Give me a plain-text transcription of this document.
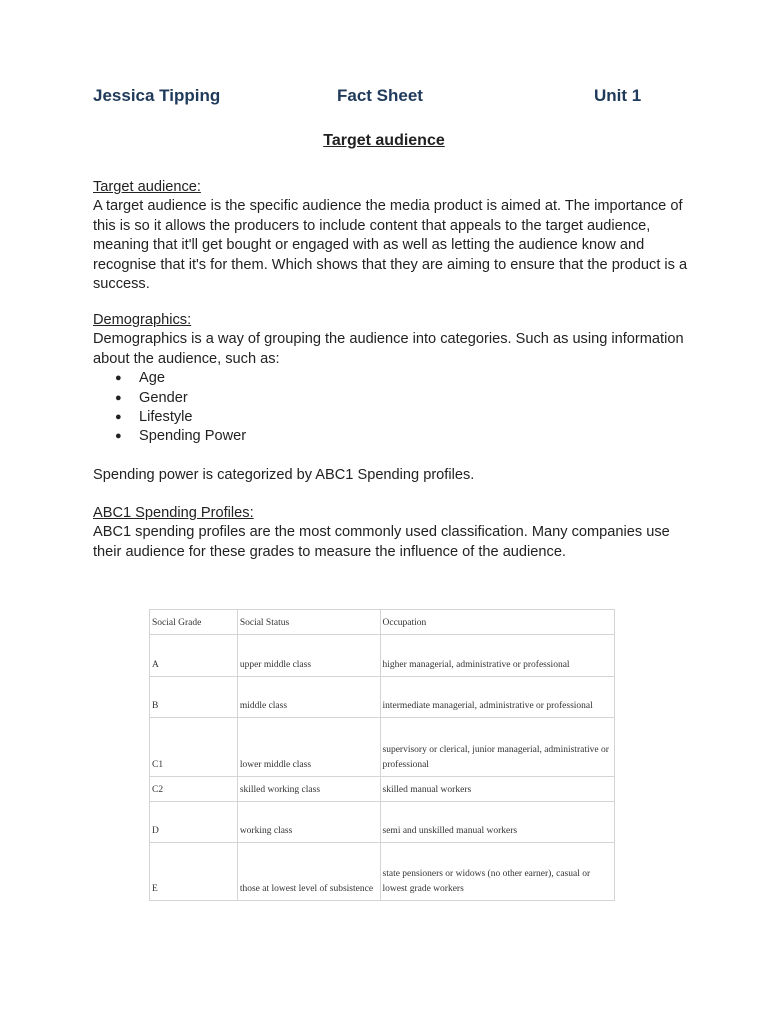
Jessica Tipping	Fact Sheet	Unit 1
Target audience

Target audience:

A target audience is the specific audience the media product is aimed at. The importance of this is so it allows the producers to include content that appeals to the target audience, meaning that it'll get bought or engaged with as well as letting the audience know and recognise that it's for them. Which shows that they are aiming to ensure that the product is a success.

Demographics:

Demographics is a way of grouping the audience into categories. Such as using information about the audience, such as:

● Age
● Gender
● Lifestyle
● Spending Power
Spending power is categorized by ABC1 Spending profiles.

ABC1 Spending Profiles:

ABC1 spending profiles are the most commonly used classification. Many companies use their audience for these grades to measure the influence of the audience.

Social Grade	Social Status	Occupation
A	upper middle class	higher managerial, administrative or professional
B	middle class	intermediate managerial, administrative or professional
C1	lower middle class	supervisory or clerical, junior managerial, administrative or professional
C2	skilled working class	skilled manual workers
D	working class	semi and unskilled manual workers
E	those at lowest level of subsistence	state pensioners or widows (no other earner), casual or lowest grade workers
